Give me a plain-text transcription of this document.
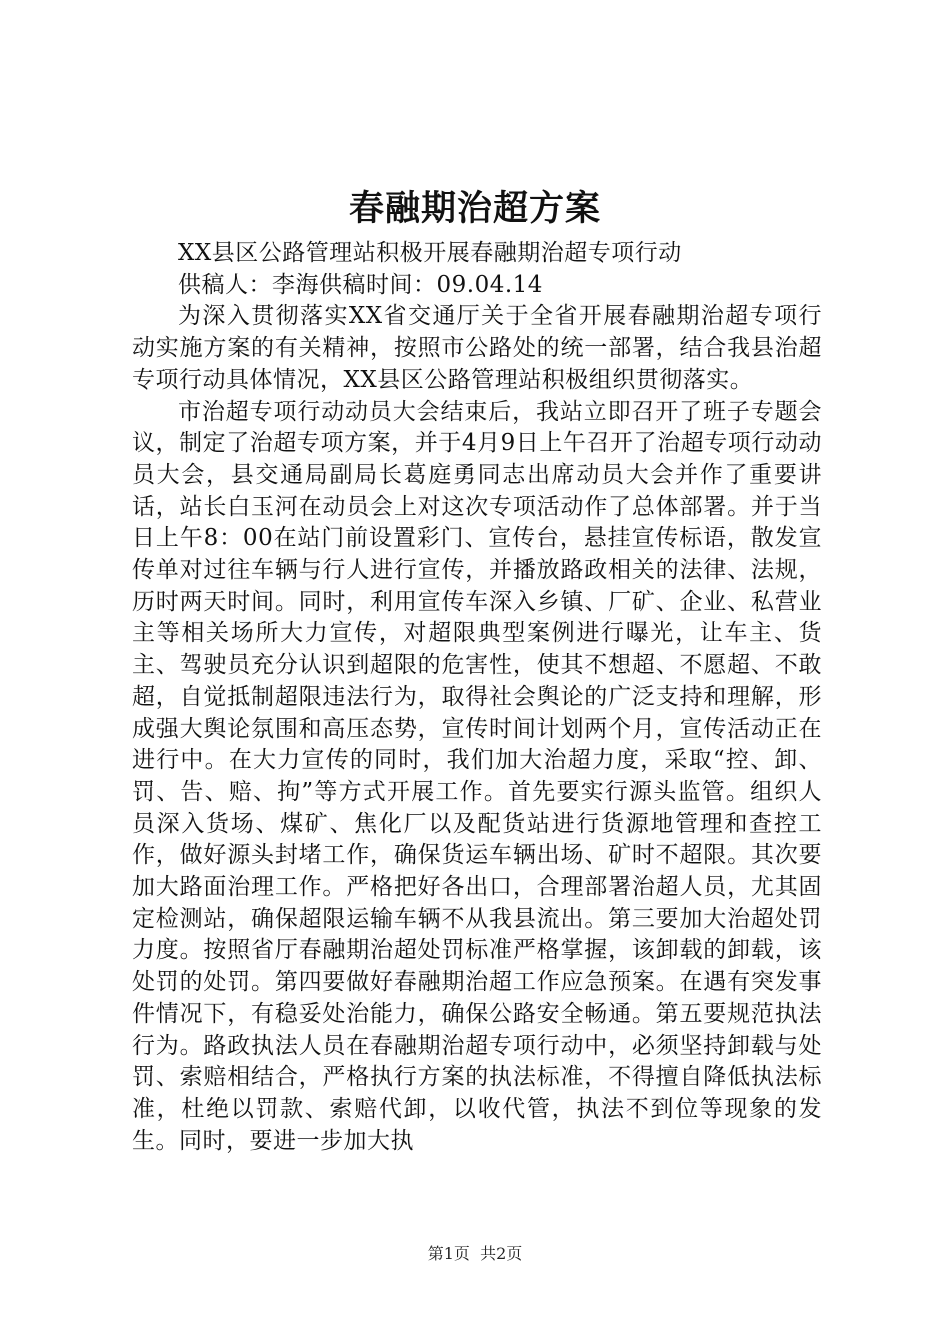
春融期治超方案

XX县区公路管理站积极开展春融期治超专项行动

供稿人：李海供稿时间：09.04.14

为深入贯彻落实XX省交通厅关于全省开展春融期治超专项行动实施方案的有关精神，按照市公路处的统一部署，结合我县治超专项行动具体情况，XX县区公路管理站积极组织贯彻落实。

市治超专项行动动员大会结束后，我站立即召开了班子专题会议，制定了治超专项方案，并于4月9日上午召开了治超专项行动动员大会，县交通局副局长葛庭勇同志出席动员大会并作了重要讲话，站长白玉河在动员会上对这次专项活动作了总体部署。并于当日上午8：00在站门前设置彩门、宣传台，悬挂宣传标语，散发宣传单对过往车辆与行人进行宣传，并播放路政相关的法律、法规，历时两天时间。同时，利用宣传车深入乡镇、厂矿、企业、私营业主等相关场所大力宣传，对超限典型案例进行曝光，让车主、货主、驾驶员充分认识到超限的危害性，使其不想超、不愿超、不敢超，自觉抵制超限违法行为，取得社会舆论的广泛支持和理解，形成强大舆论氛围和高压态势，宣传时间计划两个月，宣传活动正在进行中。在大力宣传的同时，我们加大治超力度，采取“控、卸、罚、告、赔、拘”等方式开展工作。首先要实行源头监管。组织人员深入货场、煤矿、焦化厂以及配货站进行货源地管理和查控工作，做好源头封堵工作，确保货运车辆出场、矿时不超限。其次要加大路面治理工作。严格把好各出口，合理部署治超人员，尤其固定检测站，确保超限运输车辆不从我县流出。第三要加大治超处罚力度。按照省厅春融期治超处罚标准严格掌握，该卸载的卸载，该处罚的处罚。第四要做好春融期治超工作应急预案。在遇有突发事件情况下，有稳妥处治能力，确保公路安全畅通。第五要规范执法行为。路政执法人员在春融期治超专项行动中，必须坚持卸载与处罚、索赔相结合，严格执行方案的执法标准，不得擅自降低执法标准，杜绝以罚款、索赔代卸，以收代管，执法不到位等现象的发生。同时，要进一步加大执

第1页 共2页
